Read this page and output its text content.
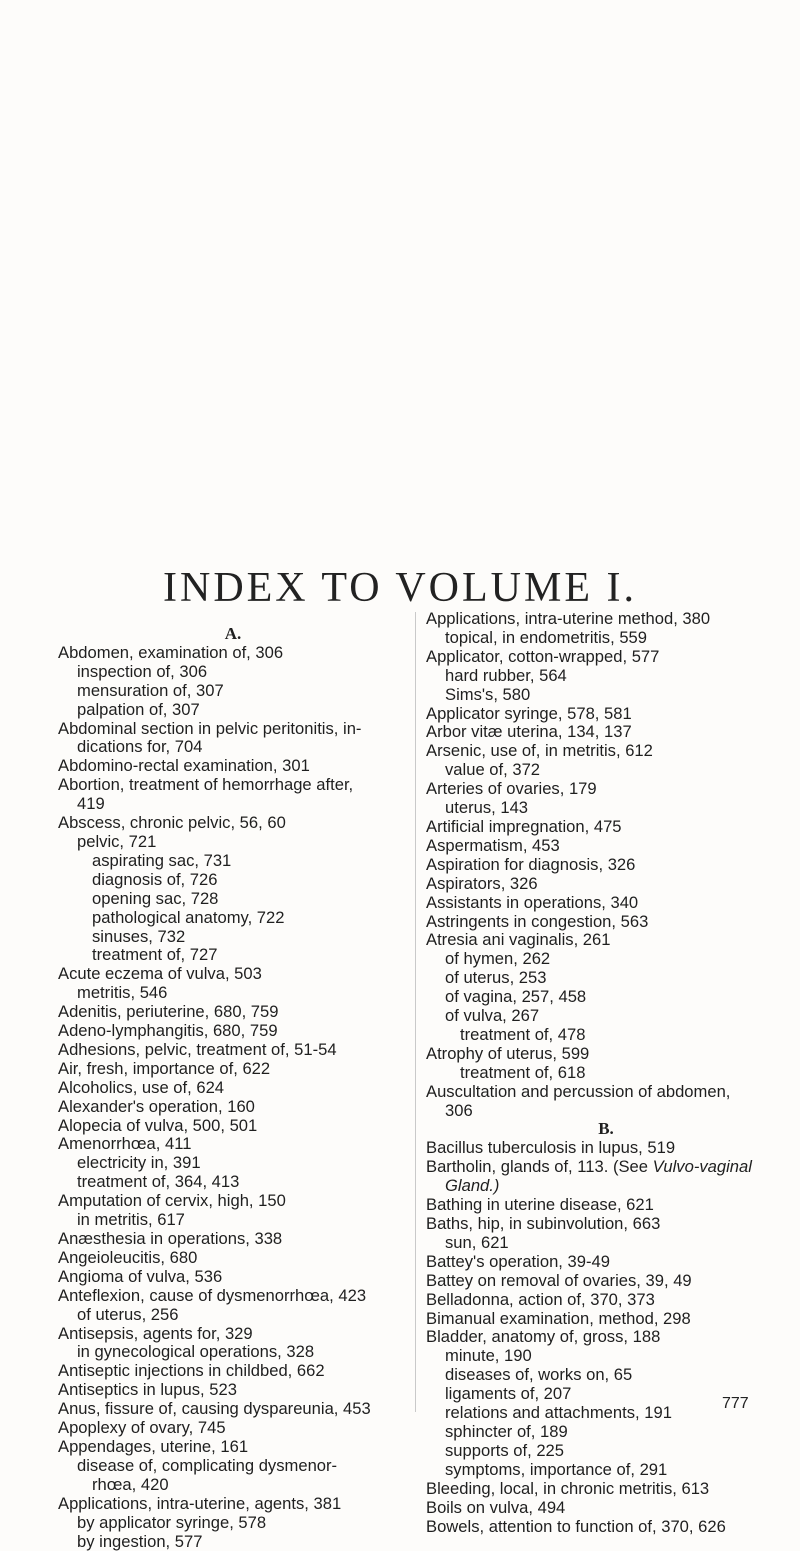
INDEX TO VOLUME I.
A.
Abdomen, examination of, 306
inspection of, 306
mensuration of, 307
palpation of, 307
Abdominal section in pelvic peritonitis, in-
dications for, 704
Abdomino-rectal examination, 301
Abortion, treatment of hemorrhage after,
419
Abscess, chronic pelvic, 56, 60
pelvic, 721
aspirating sac, 731
diagnosis of, 726
opening sac, 728
pathological anatomy, 722
sinuses, 732
treatment of, 727
Acute eczema of vulva, 503
metritis, 546
Adenitis, periuterine, 680, 759
Adeno-lymphangitis, 680, 759
Adhesions, pelvic, treatment of, 51-54
Air, fresh, importance of, 622
Alcoholics, use of, 624
Alexander's operation, 160
Alopecia of vulva, 500, 501
Amenorrhœa, 411
electricity in, 391
treatment of, 364, 413
Amputation of cervix, high, 150
in metritis, 617
Anæsthesia in operations, 338
Angeioleucitis, 680
Angioma of vulva, 536
Anteflexion, cause of dysmenorrhœa, 423
of uterus, 256
Antisepsis, agents for, 329
in gynecological operations, 328
Antiseptic injections in childbed, 662
Antiseptics in lupus, 523
Anus, fissure of, causing dyspareunia, 453
Apoplexy of ovary, 745
Appendages, uterine, 161
disease of, complicating dysmenor-
rhœa, 420
Applications, intra-uterine, agents, 381
by applicator syringe, 578
by ingestion, 577
Applications, intra-uterine method, 380
topical, in endometritis, 559
Applicator, cotton-wrapped, 577
hard rubber, 564
Sims's, 580
Applicator syringe, 578, 581
Arbor vitæ uterina, 134, 137
Arsenic, use of, in metritis, 612
value of, 372
Arteries of ovaries, 179
uterus, 143
Artificial impregnation, 475
Aspermatism, 453
Aspiration for diagnosis, 326
Aspirators, 326
Assistants in operations, 340
Astringents in congestion, 563
Atresia ani vaginalis, 261
of hymen, 262
of uterus, 253
of vagina, 257, 458
of vulva, 267
treatment of, 478
Atrophy of uterus, 599
treatment of, 618
Auscultation and percussion of abdomen,
306
B.
Bacillus tuberculosis in lupus, 519
Bartholin, glands of, 113. (See Vulvo-vaginal
Gland.)
Bathing in uterine disease, 621
Baths, hip, in subinvolution, 663
sun, 621
Battey's operation, 39-49
Battey on removal of ovaries, 39, 49
Belladonna, action of, 370, 373
Bimanual examination, method, 298
Bladder, anatomy of, gross, 188
minute, 190
diseases of, works on, 65
ligaments of, 207
relations and attachments, 191
sphincter of, 189
supports of, 225
symptoms, importance of, 291
Bleeding, local, in chronic metritis, 613
Boils on vulva, 494
Bowels, attention to function of, 370, 626
777
